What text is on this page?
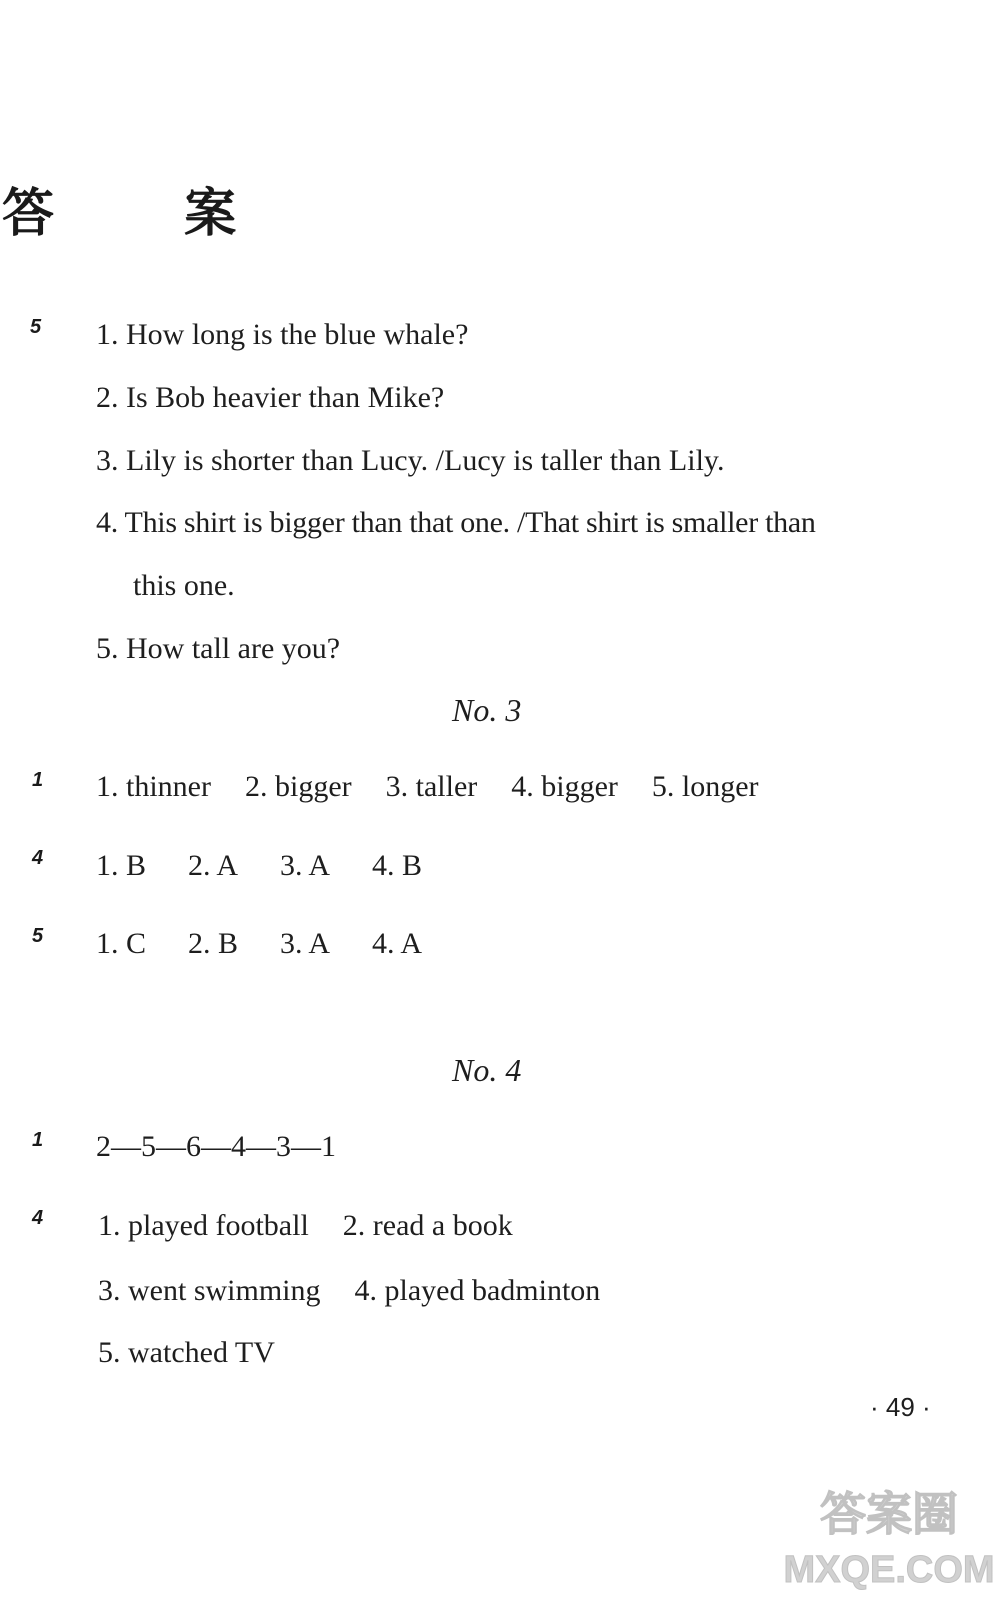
答 案
5 1. How long is the blue whale?
2. Is Bob heavier than Mike?
3. Lily is shorter than Lucy. /Lucy is taller than Lily.
4. This shirt is bigger than that one. /That shirt is smaller than
this one.
5. How tall are you?
No. 3
1 1. thinner 2. bigger 3. taller 4. bigger 5. longer
4 1. B 2. A 3. A 4. B
5 1. C 2. B 3. A 4. A
No. 4
1 2—5—6—4—3—1
4 1. played football 2. read a book
3. went swimming 4. played badminton
5. watched TV
· 49 ·
答案圈
MXQE.COM
